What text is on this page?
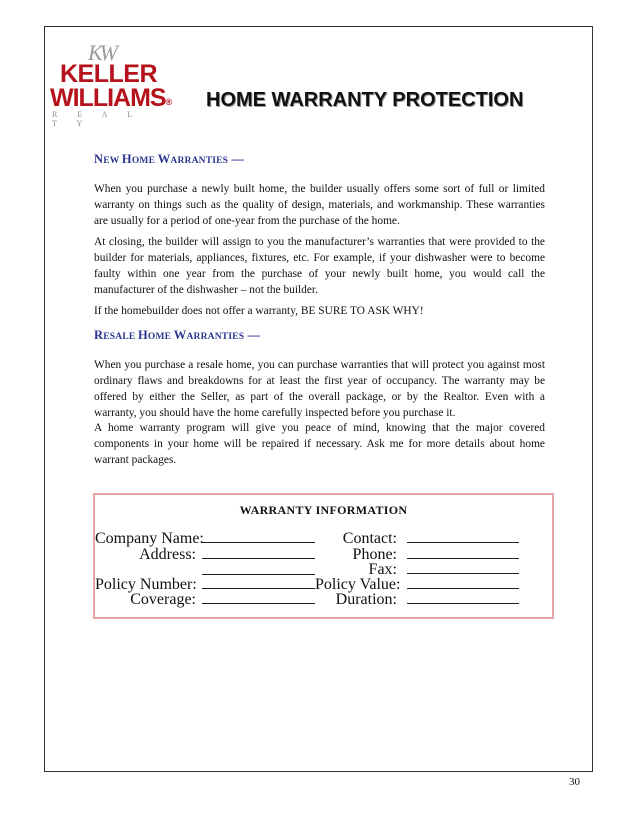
KW
KELLER
WILLIAMS®
R E A L T Y
HOME WARRANTY PROTECTION
NEW HOME WARRANTIES —
When you purchase a newly built home, the builder usually offers some sort of full or limited
warranty on things such as the quality of design, materials, and workmanship. These warranties
are usually for a period of one-year from the purchase of the home.
At closing, the builder will assign to you the manufacturer’s warranties that were provided to the
builder for materials, appliances, fixtures, etc. For example, if your dishwasher were to become
faulty within one year from the purchase of your newly built home, you would call the
manufacturer of the dishwasher – not the builder.
If the homebuilder does not offer a warranty, BE SURE TO ASK WHY!
RESALE HOME WARRANTIES —
When you purchase a resale home, you can purchase warranties that will protect you against most
ordinary flaws and breakdowns for at least the first year of occupancy. The warranty may be
offered by either the Seller, as part of the overall package, or by the Realtor. Even with a
warranty, you should have the home carefully inspected before you purchase it.
A home warranty program will give you peace of mind, knowing that the major covered
components in your home will be repaired if necessary. Ask me for more details about home
warrant packages.
WARRANTY INFORMATION
Company Name:
Address:
Policy Number:
Coverage:
Contact:
Phone:
Fax:
Policy Value:
Duration:
30
